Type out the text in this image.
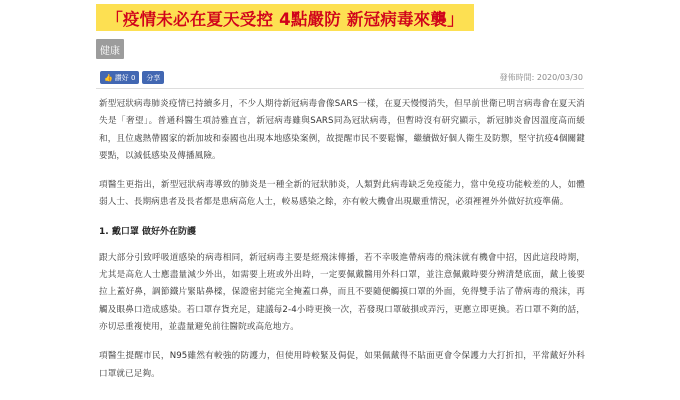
「疫情未必在夏天受控 4點嚴防 新冠病毒來襲」
健康
👍 讚好 0 分享	發佈時間: 2020/03/30

新型冠狀病毒肺炎疫情已持續多月，不少人期待新冠病毒會像SARS一樣，在夏天慢慢消失，但早前世衛已明言病毒會在夏天消失是「奢望」。普通科醫生項詩雅直言，新冠病毒雖與SARS同為冠狀病毒，但暫時沒有研究顯示，新冠肺炎會因溫度高而緩和，且位處熱帶國家的新加坡和泰國也出現本地感染案例，故提醒市民不要鬆懈，繼續做好個人衛生及防禦，堅守抗疫4個關鍵要點，以減低感染及傳播風險。

項醫生更指出，新型冠狀病毒導致的肺炎是一種全新的冠狀肺炎，人類對此病毒缺乏免疫能力，當中免疫功能較差的人，如體弱人士、長期病患者及長者都是患病高危人士，較易感染之餘，亦有較大機會出現嚴重情況，必須裡裡外外做好抗疫準備。

1. 戴口罩 做好外在防護

跟大部分引致呼吸道感染的病毒相同，新冠病毒主要是經飛沫傳播，若不幸吸進帶病毒的飛沫就有機會中招，因此這段時期，尤其是高危人士應盡量減少外出，如需要上班或外出時，一定要佩戴醫用外科口罩，並注意佩戴時要分辨清楚底面，戴上後要拉上蓋好鼻，調節鐵片緊貼鼻樑，保證密封能完全掩蓋口鼻，而且不要隨便觸摸口罩的外面，免得雙手沾了帶病毒的飛沫，再觸及眼鼻口造成感染。若口罩存貨充足，建議每2-4小時更換一次，若發現口罩破損或弄污，更應立即更換。若口罩不夠的話，亦切忌重複使用，並盡量避免前往醫院或高危地方。

項醫生提醒市民，N95雖然有較強的防護力，但使用時較緊及侷促，如果佩戴得不貼面更會令保護力大打折扣，平常戴好外科口罩就已足夠。
